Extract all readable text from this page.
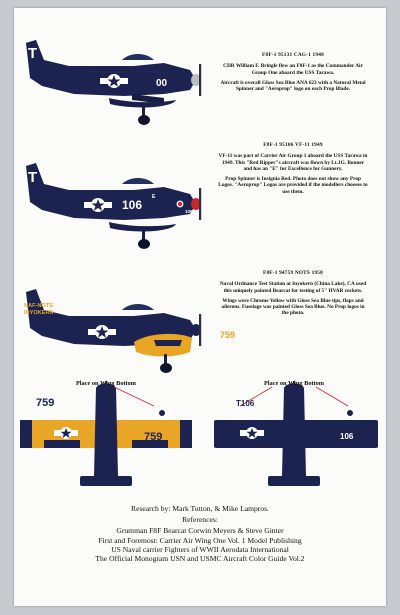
T
00
E
T
106	106
NAF-NOTS
INYOKERN
759
Place on Wing Bottom
759
759
Place on Wing Bottom
T106
106
F8F-1 95131 CAG-1 1948

CDR William F. Bringle flew an F8F-1 as the Commander Air Group One aboard the USS Tarawa.

Aircraft is overall Gloss Sea Blue ANA 623 with a Natural Metal Spinner and "Aeroprop" logo on each Prop Blade.

F8F-1 95106 VF-11 1949

VF-11 was part of Carrier Air Group 1 aboard the USS Tarawa in 1949. This "Red Ripper"s aircraft was flown by Lt.JG. Bonner and has an "E" for Excellence for Gunnery.

Prop Spinner is Insignia Red. Photo does not show any Prop Logos. "Aeroprop" Logos are provided if the modellers chooses to use them.

F8F-1 94759 NOTS 1950

Naval Ordnance Test Station at Inyokern (China Lake), CA used this uniquely painted Bearcat for testing of 5" HVAR rockets.

Wings were Chrome Yellow with Gloss Sea Blue tips, flaps and ailerons. Fuselage was painted Gloss Sea Blue. No Prop logos in the photo.

Research by: Mark Tutton, & Mike Lampros.
References:
Grumman F8F Bearcat Corwin Meyers & Steve Ginter
First and Foremost: Carrier Air Wing One Vol. 1 Model Publishing
US Naval carrier Fighters of WWII Aerodata International
The Official Monogram USN and USMC Aircraft Color Guide Vol.2
